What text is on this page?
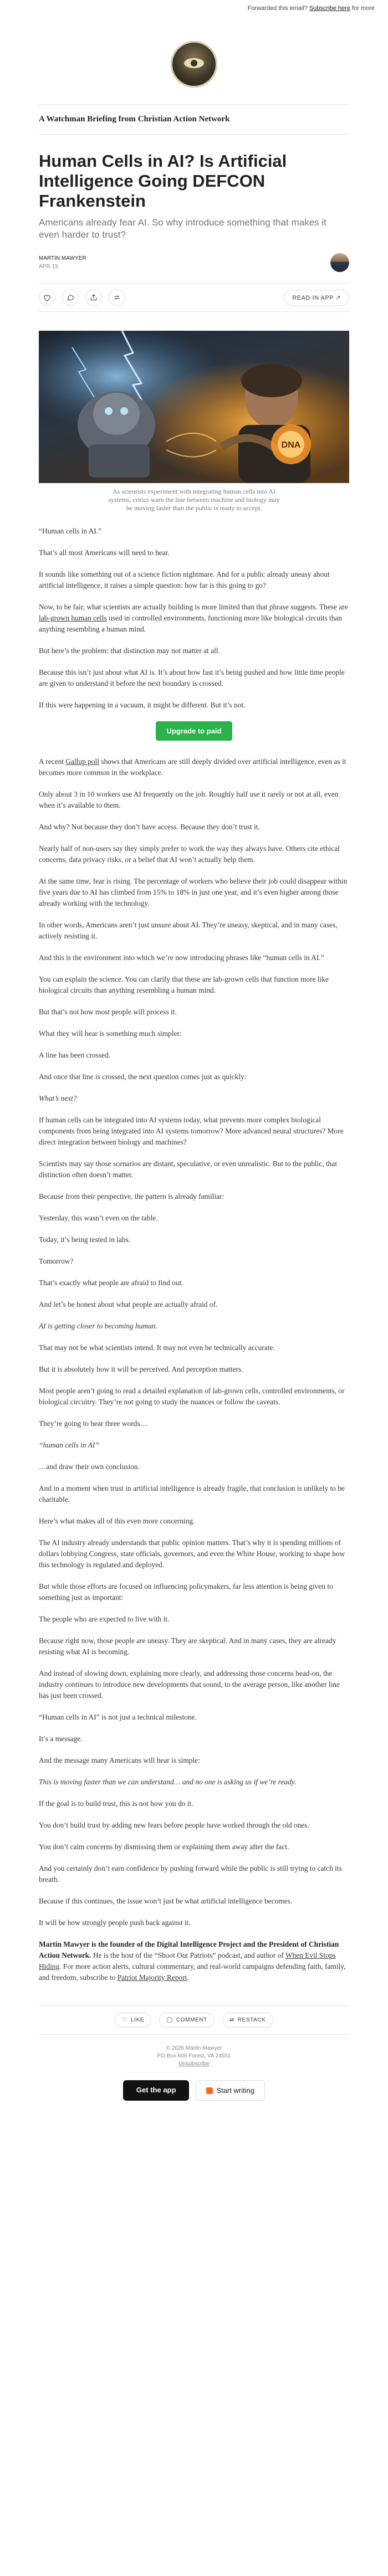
Forwarded this email?
Subscribe here
for more
A Watchman Briefing from Christian Action Network
Human Cells in AI? Is Artificial Intelligence Going DEFCON Frankenstein
Americans already fear AI. So why introduce something that makes it even harder to trust?
MARTIN MAWYER
APR 13
READ IN APP ↗
DNA
As scientists experiment with integrating human cells into AI systems, critics warn the line between machine and biology may be moving faster than the public is ready to accept.

“Human cells in AI.”

That’s all most Americans will need to hear.

It sounds like something out of a science fiction nightmare. And for a public already uneasy about artificial intelligence, it raises a simple question: how far is this going to go?

Now, to be fair, what scientists are actually building is more limited than that phrase suggests. These are lab-grown human cells used in controlled environments, functioning more like biological circuits than anything resembling a human mind.

But here’s the problem: that distinction may not matter at all.

Because this isn’t just about what AI is. It’s about how fast it’s being pushed and how little time people are given to understand it before the next boundary is crossed.

If this were happening in a vacuum, it might be different. But it’s not.

Upgrade to paid

A recent Gallup poll shows that Americans are still deeply divided over artificial intelligence, even as it becomes more common in the workplace.

Only about 3 in 10 workers use AI frequently on the job. Roughly half use it rarely or not at all, even when it’s available to them.

And why? Not because they don’t have access. Because they don’t trust it.

Nearly half of non-users say they simply prefer to work the way they always have. Others cite ethical concerns, data privacy risks, or a belief that AI won’t actually help them.

At the same time, fear is rising. The percentage of workers who believe their job could disappear within five years due to AI has climbed from 15% to 18% in just one year, and it’s even higher among those already working with the technology.

In other words, Americans aren’t just unsure about AI. They’re uneasy, skeptical, and in many cases, actively resisting it.

And this is the environment into which we’re now introducing phrases like “human cells in AI.”

You can explain the science. You can clarify that these are lab-grown cells that function more like biological circuits than anything resembling a human mind.

But that’s not how most people will process it.

What they will hear is something much simpler:

A line has been crossed.

And once that line is crossed, the next question comes just as quickly:

What’s next?

If human cells can be integrated into AI systems today, what prevents more complex biological components from being integrated into AI systems tomorrow? More advanced neural structures? More direct integration between biology and machines?

Scientists may say those scenarios are distant, speculative, or even unrealistic. But to the public, that distinction often doesn’t matter.

Because from their perspective, the pattern is already familiar:

Yesterday, this wasn’t even on the table.

Today, it’s being tested in labs.

Tomorrow?

That’s exactly what people are afraid to find out.

And let’s be honest about what people are actually afraid of.

AI is getting closer to becoming human.

That may not be what scientists intend. It may not even be technically accurate.

But it is absolutely how it will be perceived. And perception matters.

Most people aren’t going to read a detailed explanation of lab-grown cells, controlled environments, or biological circuitry. They’re not going to study the nuances or follow the caveats.

They’re going to hear three words…

“human cells in AI”

…and draw their own conclusion.

And in a moment when trust in artificial intelligence is already fragile, that conclusion is unlikely to be charitable.

Here’s what makes all of this even more concerning.

The AI industry already understands that public opinion matters. That’s why it is spending millions of dollars lobbying Congress, state officials, governors, and even the White House, working to shape how this technology is regulated and deployed.

But while those efforts are focused on influencing policymakers, far less attention is being given to something just as important:

The people who are expected to live with it.

Because right now, those people are uneasy. They are skeptical. And in many cases, they are already resisting what AI is becoming.

And instead of slowing down, explaining more clearly, and addressing those concerns head-on, the industry continues to introduce new developments that sound, to the average person, like another line has just been crossed.

“Human cells in AI” is not just a technical milestone.

It’s a message.

And the message many Americans will hear is simple:

This is moving faster than we can understand… and no one is asking us if we’re ready.

If the goal is to build trust, this is not how you do it.

You don’t build trust by adding new fears before people have worked through the old ones.

You don’t calm concerns by dismissing them or explaining them away after the fact.

And you certainly don’t earn confidence by pushing forward while the public is still trying to catch its breath.

Because if this continues, the issue won’t just be what artificial intelligence becomes.

It will be how strongly people push back against it.

Martin Mawyer is the founder of the Digital Intelligence Project and the President of Christian Action Network. He is the host of the “Shoot Out Patriots” podcast, and author of When Evil Stops Hiding. For more action alerts, cultural commentary, and real-world campaigns defending faith, family, and freedom, subscribe to Patriot Majority Report.
♡ LIKE	◯ COMMENT	⇄ RESTACK
© 2026 Martin Mawyer
PO Box 606 Forest, VA 24551
Unsubscribe
Get the app	Start writing
